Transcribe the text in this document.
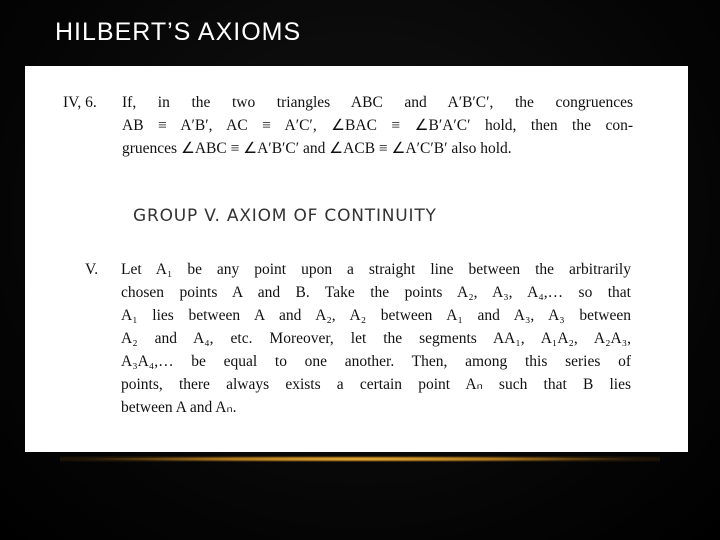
HILBERT’S AXIOMS
IV, 6. If, in the two triangles ABC and A′B′C′, the congruences
AB ≡ A′B′, AC ≡ A′C′, ∠BAC ≡ ∠B′A′C′ hold, then the con-
gruences ∠ABC ≡ ∠A′B′C′ and ∠ACB ≡ ∠A′C′B′ also hold.
GROUP V. AXIOM OF CONTINUITY
V. Let A₁ be any point upon a straight line between the arbitrarily
chosen points A and B. Take the points A₂, A₃, A₄,… so that
A₁ lies between A and A₂, A₂ between A₁ and A₃, A₃ between
A₂ and A₄, etc. Moreover, let the segments AA₁, A₁A₂, A₂A₃,
A₃A₄,… be equal to one another. Then, among this series of
points, there always exists a certain point Aₙ such that B lies
between A and Aₙ.
